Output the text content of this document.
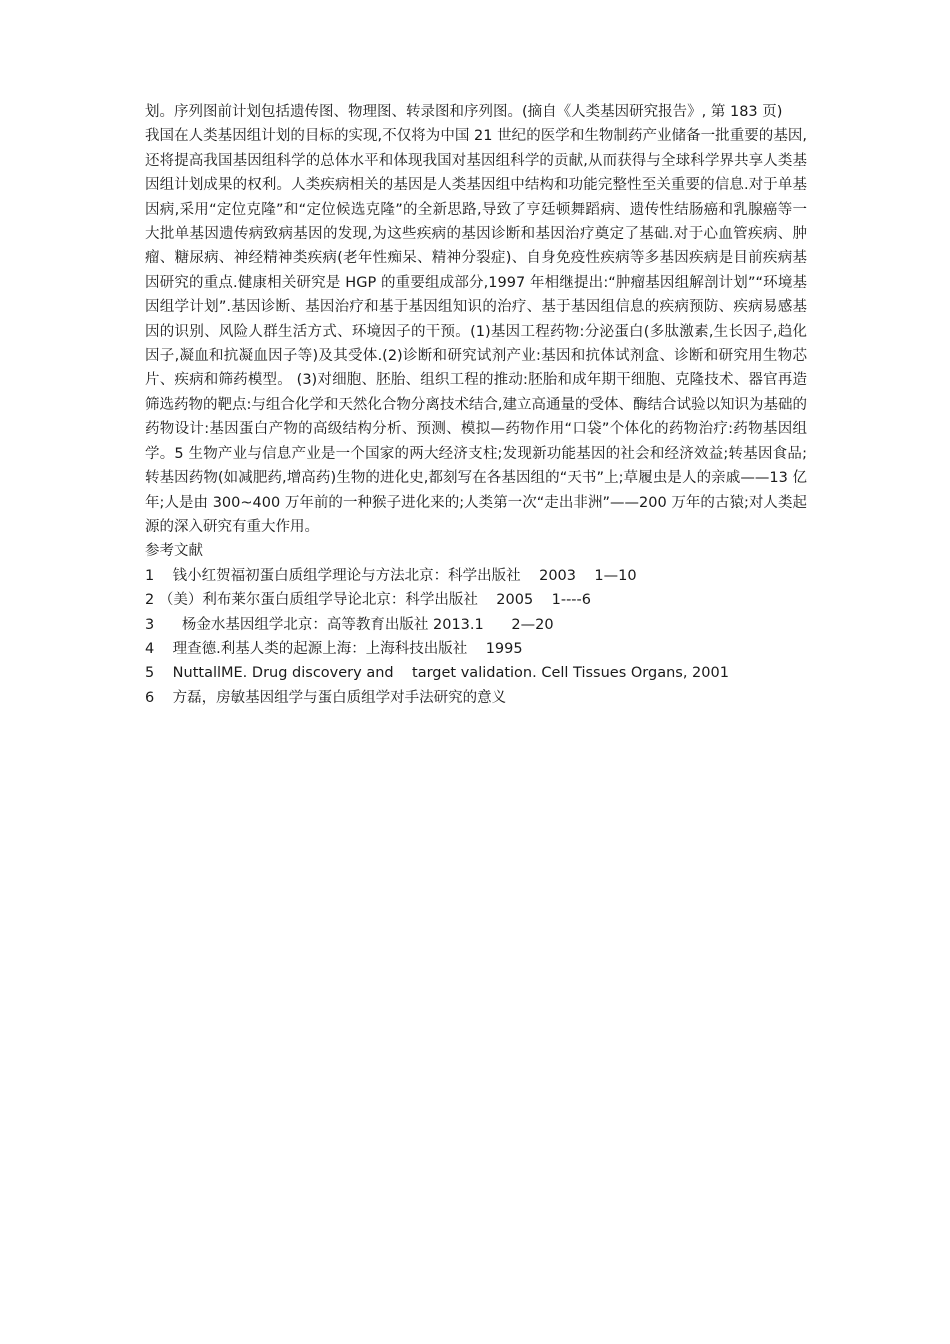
划。序列图前计划包括遗传图、物理图、转录图和序列图。(摘自《人类基因研究报告》, 第 183 页)

我国在人类基因组计划的目标的实现,不仅将为中国 21 世纪的医学和生物制药产业储备一批重要的基因,还将提高我国基因组科学的总体水平和体现我国对基因组科学的贡献,从而获得与全球科学界共享人类基因组计划成果的权利。人类疾病相关的基因是人类基因组中结构和功能完整性至关重要的信息.对于单基因病,采用“定位克隆”和“定位候选克隆”的全新思路,导致了亨廷顿舞蹈病、遗传性结肠癌和乳腺癌等一大批单基因遗传病致病基因的发现,为这些疾病的基因诊断和基因治疗奠定了基础.对于心血管疾病、肿瘤、糖尿病、神经精神类疾病(老年性痴呆、精神分裂症)、自身免疫性疾病等多基因疾病是目前疾病基因研究的重点.健康相关研究是 HGP 的重要组成部分,1997 年相继提出:“肿瘤基因组解剖计划”“环境基因组学计划”.基因诊断、基因治疗和基于基因组知识的治疗、基于基因组信息的疾病预防、疾病易感基因的识别、风险人群生活方式、环境因子的干预。(1)基因工程药物:分泌蛋白(多肽激素,生长因子,趋化因子,凝血和抗凝血因子等)及其受体.(2)诊断和研究试剂产业:基因和抗体试剂盒、诊断和研究用生物芯片、疾病和筛药模型。 (3)对细胞、胚胎、组织工程的推动:胚胎和成年期干细胞、克隆技术、器官再造筛选药物的靶点:与组合化学和天然化合物分离技术结合,建立高通量的受体、酶结合试验以知识为基础的药物设计:基因蛋白产物的高级结构分析、预测、模拟—药物作用“口袋”个体化的药物治疗:药物基因组学。5 生物产业与信息产业是一个国家的两大经济支柱;发现新功能基因的社会和经济效益;转基因食品;转基因药物(如减肥药,增高药)生物的进化史,都刻写在各基因组的“天书”上;草履虫是人的亲戚——13 亿年;人是由 300~400 万年前的一种猴子进化来的;人类第一次“走出非洲”——200 万年的古猿;对人类起源的深入研究有重大作用。

参考文献

1    钱小红贺福初蛋白质组学理论与方法北京：科学出版社    2003    1—10
2 （美）利布莱尔蛋白质组学导论北京：科学出版社    2005    1----6
3      杨金水基因组学北京：高等教育出版社 2013.1      2—20
4    理查德.利基人类的起源上海：上海科技出版社    1995
5    NuttallME. Drug discovery and    target validation. Cell Tissues Organs, 2001
6    方磊，房敏基因组学与蛋白质组学对手法研究的意义
